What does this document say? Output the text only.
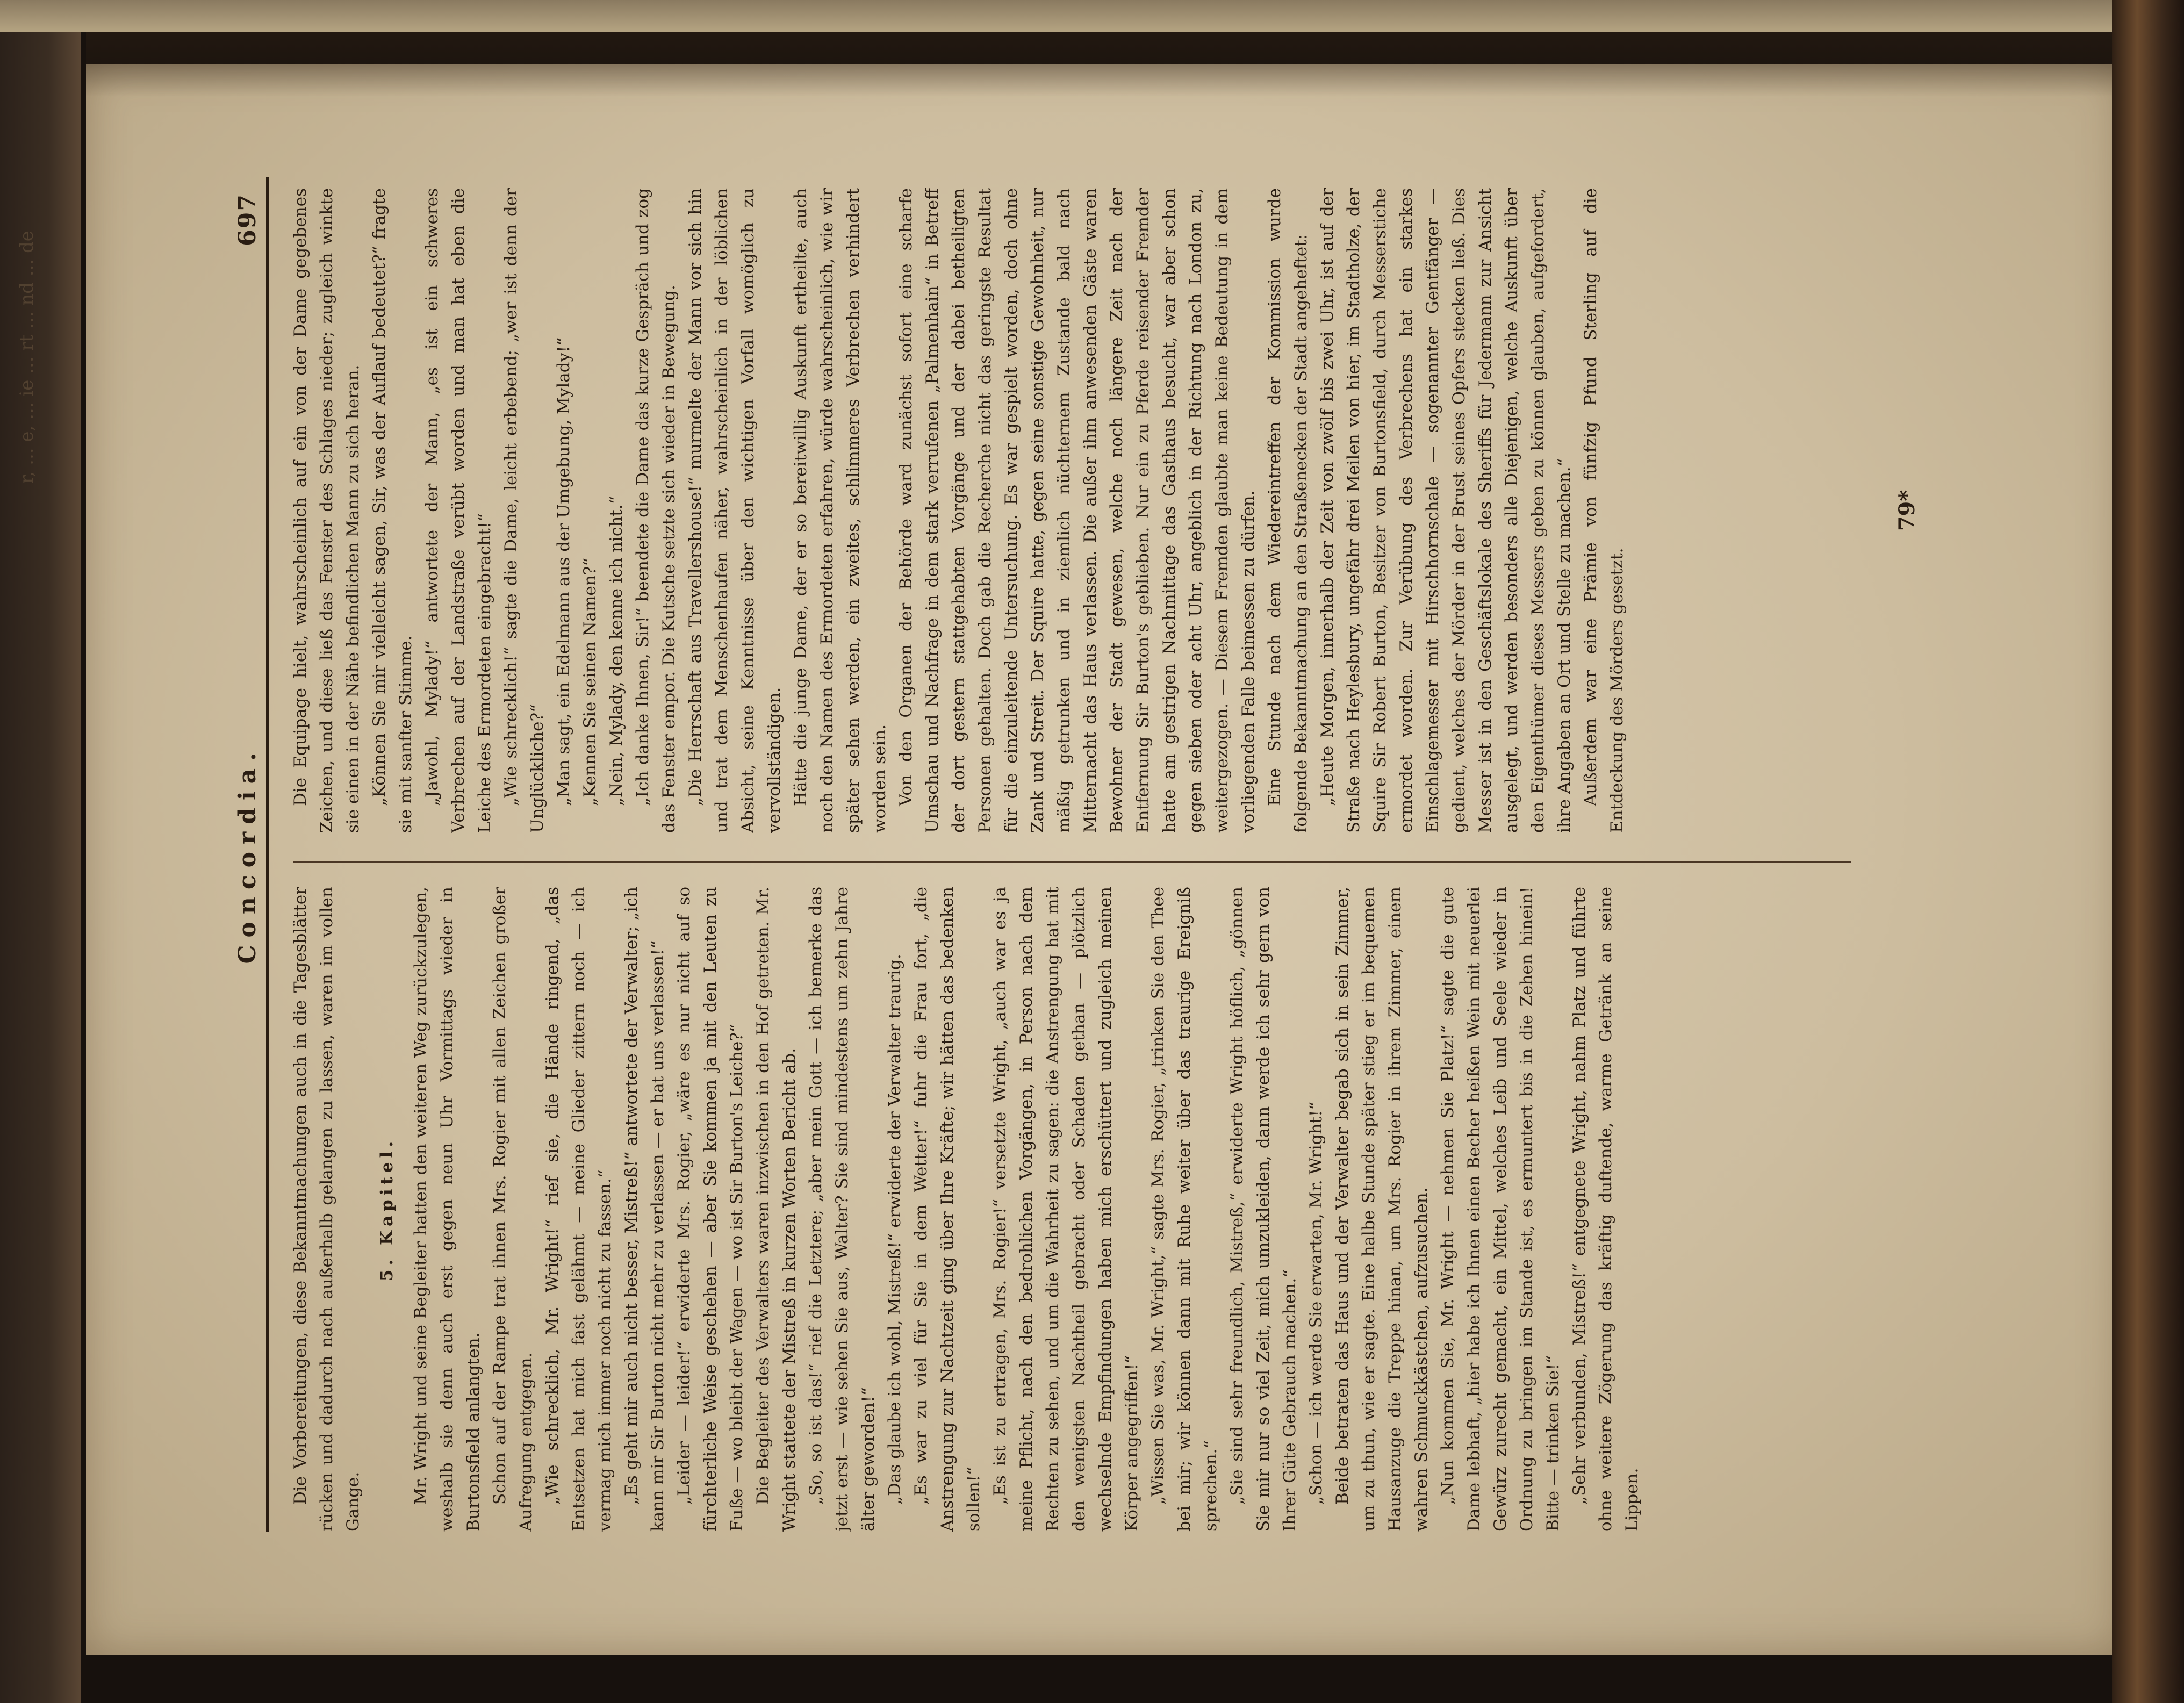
r, ... e, ... ie ... rt ... nd ... de
697
Concordia.

Die Vorbereitungen, diese Bekanntmachungen auch in die Tagesblätter rücken und dadurch nach außerhalb gelangen zu lassen, waren im vollen Gange.

5. Kapitel. Mr. Wright und seine Begleiter hatten den weiteren Weg zurückzulegen, weshalb sie denn auch erst gegen neun Uhr Vormittags wieder in Burtonsfield anlangten. Schon auf der Rampe trat ihnen Mrs. Rogier mit allen Zeichen großer Aufregung entgegen. „Wie schrecklich, Mr. Wright!“ rief sie, die Hände ringend, „das Entsetzen hat mich fast gelähmt — meine Glieder zittern noch — ich vermag mich immer noch nicht zu fassen.“ „Es geht mir auch nicht besser, Mistreß!“ antwortete der Verwalter; „ich kann mir Sir Burton nicht mehr zu verlassen — er hat uns verlassen!“ „Leider — leider!“ erwiderte Mrs. Rogier, „wäre es nur nicht auf so fürchterliche Weise geschehen — aber Sie kommen ja mit den Leuten zu Fuße — wo bleibt der Wagen — wo ist Sir Burton's Leiche?“ Die Begleiter des Verwalters waren inzwischen in den Hof getreten. Mr. Wright stattete der Mistreß in kurzen Worten Bericht ab. „So, so ist das!“ rief die Letztere; „aber mein Gott — ich bemerke das jetzt erst — wie sehen Sie aus, Walter? Sie sind mindestens um zehn Jahre älter geworden!“ „Das glaube ich wohl, Mistreß!“ erwiderte der Verwalter traurig. „Es war zu viel für Sie in dem Wetter!“ fuhr die Frau fort, „die Anstrengung zur Nachtzeit ging über Ihre Kräfte; wir hätten das bedenken sollen!“ „Es ist zu ertragen, Mrs. Rogier!“ versetzte Wright, „auch war es ja meine Pflicht, nach den bedrohlichen Vorgängen, in Person nach dem Rechten zu sehen, und um die Wahrheit zu sagen: die Anstrengung hat mit den wenigsten Nachtheil gebracht oder Schaden gethan — plötzlich wechselnde Empfindungen haben mich erschüttert und zugleich meinen Körper angegriffen!“ „Wissen Sie was, Mr. Wright,“ sagte Mrs. Rogier, „trinken Sie den Thee bei mir; wir können dann mit Ruhe weiter über das traurige Ereigniß sprechen.“ „Sie sind sehr freundlich, Mistreß,“ erwiderte Wright höflich, „gönnen Sie mir nur so viel Zeit, mich umzukleiden, dann werde ich sehr gern von Ihrer Güte Gebrauch machen.“ „Schon — ich werde Sie erwarten, Mr. Wright!“ Beide betraten das Haus und der Verwalter begab sich in sein Zimmer, um zu thun, wie er sagte. Eine halbe Stunde später stieg er im bequemen Hausanzuge die Treppe hinan, um Mrs. Rogier in ihrem Zimmer, einem wahren Schmuckkästchen, aufzusuchen. „Nun kommen Sie, Mr. Wright — nehmen Sie Platz!“ sagte die gute Dame lebhaft, „hier habe ich Ihnen einen Becher heißen Wein mit neuerlei Gewürz zurecht gemacht, ein Mittel, welches Leib und Seele wieder in Ordnung zu bringen im Stande ist, es ermuntert bis in die Zehen hinein! Bitte — trinken Sie!“ „Sehr verbunden, Mistreß!“ entgegnete Wright, nahm Platz und führte ohne weitere Zögerung das kräftig duftende, warme Getränk an seine Lippen.

Die Equipage hielt, wahrscheinlich auf ein von der Dame gegebenes Zeichen, und diese ließ das Fenster des Schlages nieder; zugleich winkte sie einen in der Nähe befindlichen Mann zu sich heran. „Können Sie mir vielleicht sagen, Sir, was der Auflauf bedeutet?“ fragte sie mit sanfter Stimme. „Jawohl, Mylady!“ antwortete der Mann, „es ist ein schweres Verbrechen auf der Landstraße verübt worden und man hat eben die Leiche des Ermordeten eingebracht!“ „Wie schrecklich!“ sagte die Dame, leicht erbebend; „wer ist denn der Unglückliche?“ „Man sagt, ein Edelmann aus der Umgebung, Mylady!“ „Kennen Sie seinen Namen?“ „Nein, Mylady, den kenne ich nicht.“ „Ich danke Ihnen, Sir!“ beendete die Dame das kurze Gespräch und zog das Fenster empor. Die Kutsche setzte sich wieder in Bewegung. „Die Herrschaft aus Travellershouse!“ murmelte der Mann vor sich hin und trat dem Menschenhaufen näher, wahrscheinlich in der löblichen Absicht, seine Kenntnisse über den wichtigen Vorfall womöglich zu vervollständigen. Hätte die junge Dame, der er so bereitwillig Auskunft ertheilte, auch noch den Namen des Ermordeten erfahren, würde wahrscheinlich, wie wir später sehen werden, ein zweites, schlimmeres Verbrechen verhindert worden sein. Von den Organen der Behörde ward zunächst sofort eine scharfe Umschau und Nachfrage in dem stark verrufenen „Palmenhain“ in Betreff der dort gestern stattgehabten Vorgänge und der dabei betheiligten Personen gehalten. Doch gab die Recherche nicht das geringste Resultat für die einzuleitende Untersuchung. Es war gespielt worden, doch ohne Zank und Streit. Der Squire hatte, gegen seine sonstige Gewohnheit, nur mäßig getrunken und in ziemlich nüchternem Zustande bald nach Mitternacht das Haus verlassen. Die außer ihm anwesenden Gäste waren Bewohner der Stadt gewesen, welche noch längere Zeit nach der Entfernung Sir Burton's geblieben. Nur ein zu Pferde reisender Fremder hatte am gestrigen Nachmittage das Gasthaus besucht, war aber schon gegen sieben oder acht Uhr, angeblich in der Richtung nach London zu, weitergezogen. — Diesem Fremden glaubte man keine Bedeutung in dem vorliegenden Falle beimessen zu dürfen. Eine Stunde nach dem Wiedereintreffen der Kommission wurde folgende Bekanntmachung an den Straßenecken der Stadt angeheftet: „Heute Morgen, innerhalb der Zeit von zwölf bis zwei Uhr, ist auf der Straße nach Heylesbury, ungefähr drei Meilen von hier, im Stadtholze, der Squire Sir Robert Burton, Besitzer von Burtonsfield, durch Messerstiche ermordet worden. Zur Verübung des Verbrechens hat ein starkes Einschlagemesser mit Hirschhornschale — sogenannter Gentfänger — gedient, welches der Mörder in der Brust seines Opfers stecken ließ. Dies Messer ist in den Geschäftslokale des Sheriffs für Jedermann zur Ansicht ausgelegt, und werden besonders alle Diejenigen, welche Auskunft über den Eigenthümer dieses Messers geben zu können glauben, aufgefordert, ihre Angaben an Ort und Stelle zu machen.“ Außerdem war eine Prämie von fünfzig Pfund Sterling auf die Entdeckung des Mörders gesetzt.

79*
